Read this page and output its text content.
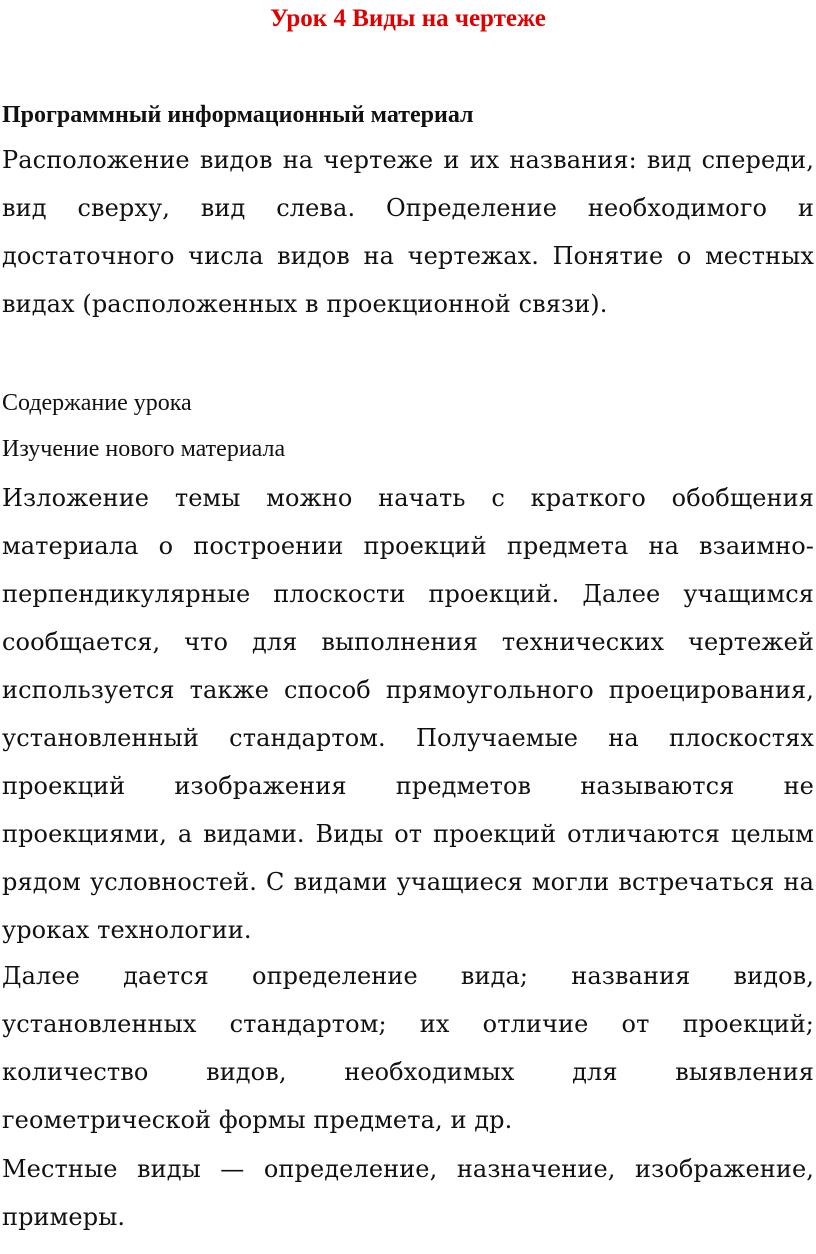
Урок 4 Виды на чертеже
Программный информационный материал
Расположение видов на чертеже и их названия: вид спереди, вид сверху, вид слева. Определение необходимого и достаточного числа видов на чертежах. Понятие о местных видах (расположенных в проекционной связи).
Содержание урока
Изучение нового материала
Изложение темы можно начать с краткого обобщения материала о построении проекций предмета на взаимно-перпендикулярные плоскости проекций. Далее учащимся сообщается, что для выполнения технических чертежей используется также способ прямоугольного проецирования, установленный стандартом. Получаемые на плоскостях проекций изображения предметов называются не проекциями, а видами. Виды от проекций отличаются целым рядом условностей. С видами учащиеся могли встречаться на уроках технологии.
Далее дается определение вида; названия видов, установленных стандартом; их отличие от проекций; количество видов, необходимых для выявления геометрической формы предмета, и др.
Местные виды — определение, назначение, изображение, примеры.
